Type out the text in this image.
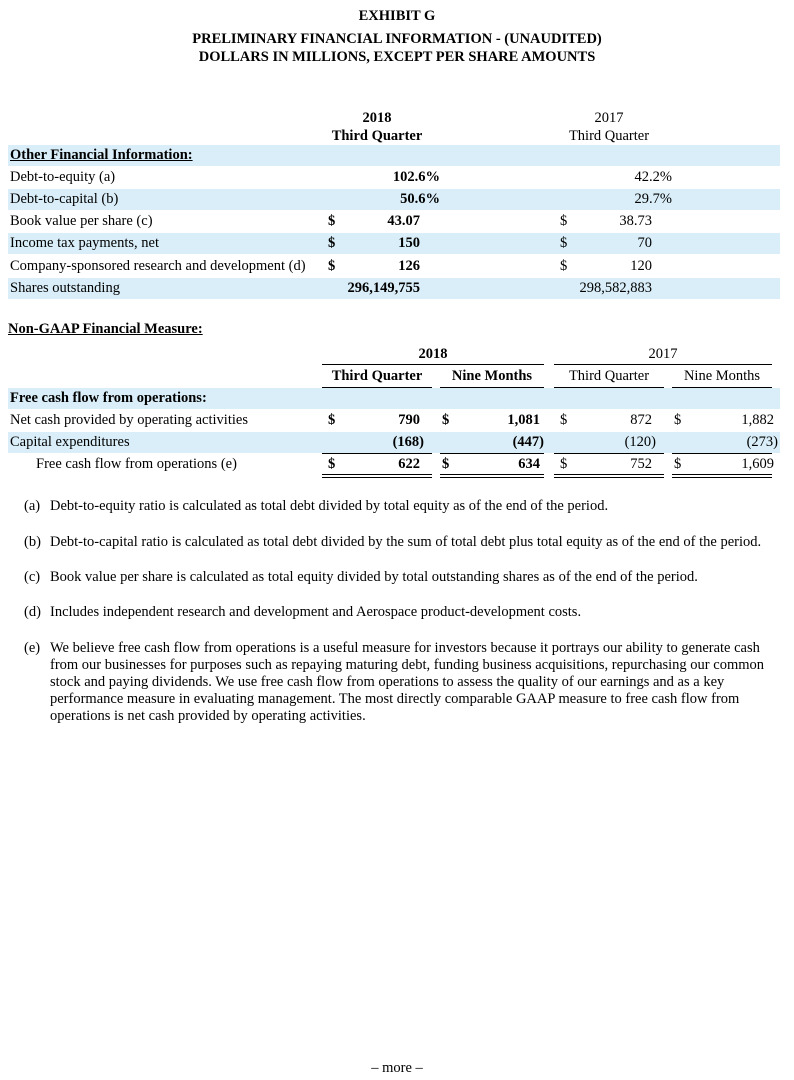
EXHIBIT G
PRELIMINARY FINANCIAL INFORMATION - (UNAUDITED)
DOLLARS IN MILLIONS, EXCEPT PER SHARE AMOUNTS
2018
Third Quarter
2017
Third Quarter
Other Financial Information:
Debt-to-equity (a)	102.6%	42.2%
Debt-to-capital (b)	50.6%	29.7%
Book value per share (c)	$	43.07	$	38.73
Income tax payments, net	$	150	$	70
Company-sponsored research and development (d) $	126	$	120
Shares outstanding	296,149,755	298,582,883
Non-GAAP Financial Measure:
2018	2017
Third Quarter	Nine Months	Third Quarter	Nine Months
Free cash flow from operations:
Net cash provided by operating activities	$	790 $	1,081 $	872 $	1,882
Capital expenditures	(168)	(447)	(120)	(273)
Free cash flow from operations (e)	$	622 $	634 $	752 $	1,609
(a) Debt-to-equity ratio is calculated as total debt divided by total equity as of the end of the period.
(b) Debt-to-capital ratio is calculated as total debt divided by the sum of total debt plus total equity as of the end of the period.
(c) Book value per share is calculated as total equity divided by total outstanding shares as of the end of the period.
(d) Includes independent research and development and Aerospace product-development costs.
(e) We believe free cash flow from operations is a useful measure for investors because it portrays our ability to generate cash from our businesses for purposes such as repaying maturing debt, funding business acquisitions, repurchasing our common stock and paying dividends. We use free cash flow from operations to assess the quality of our earnings and as a key performance measure in evaluating management. The most directly comparable GAAP measure to free cash flow from operations is net cash provided by operating activities.
– more –
